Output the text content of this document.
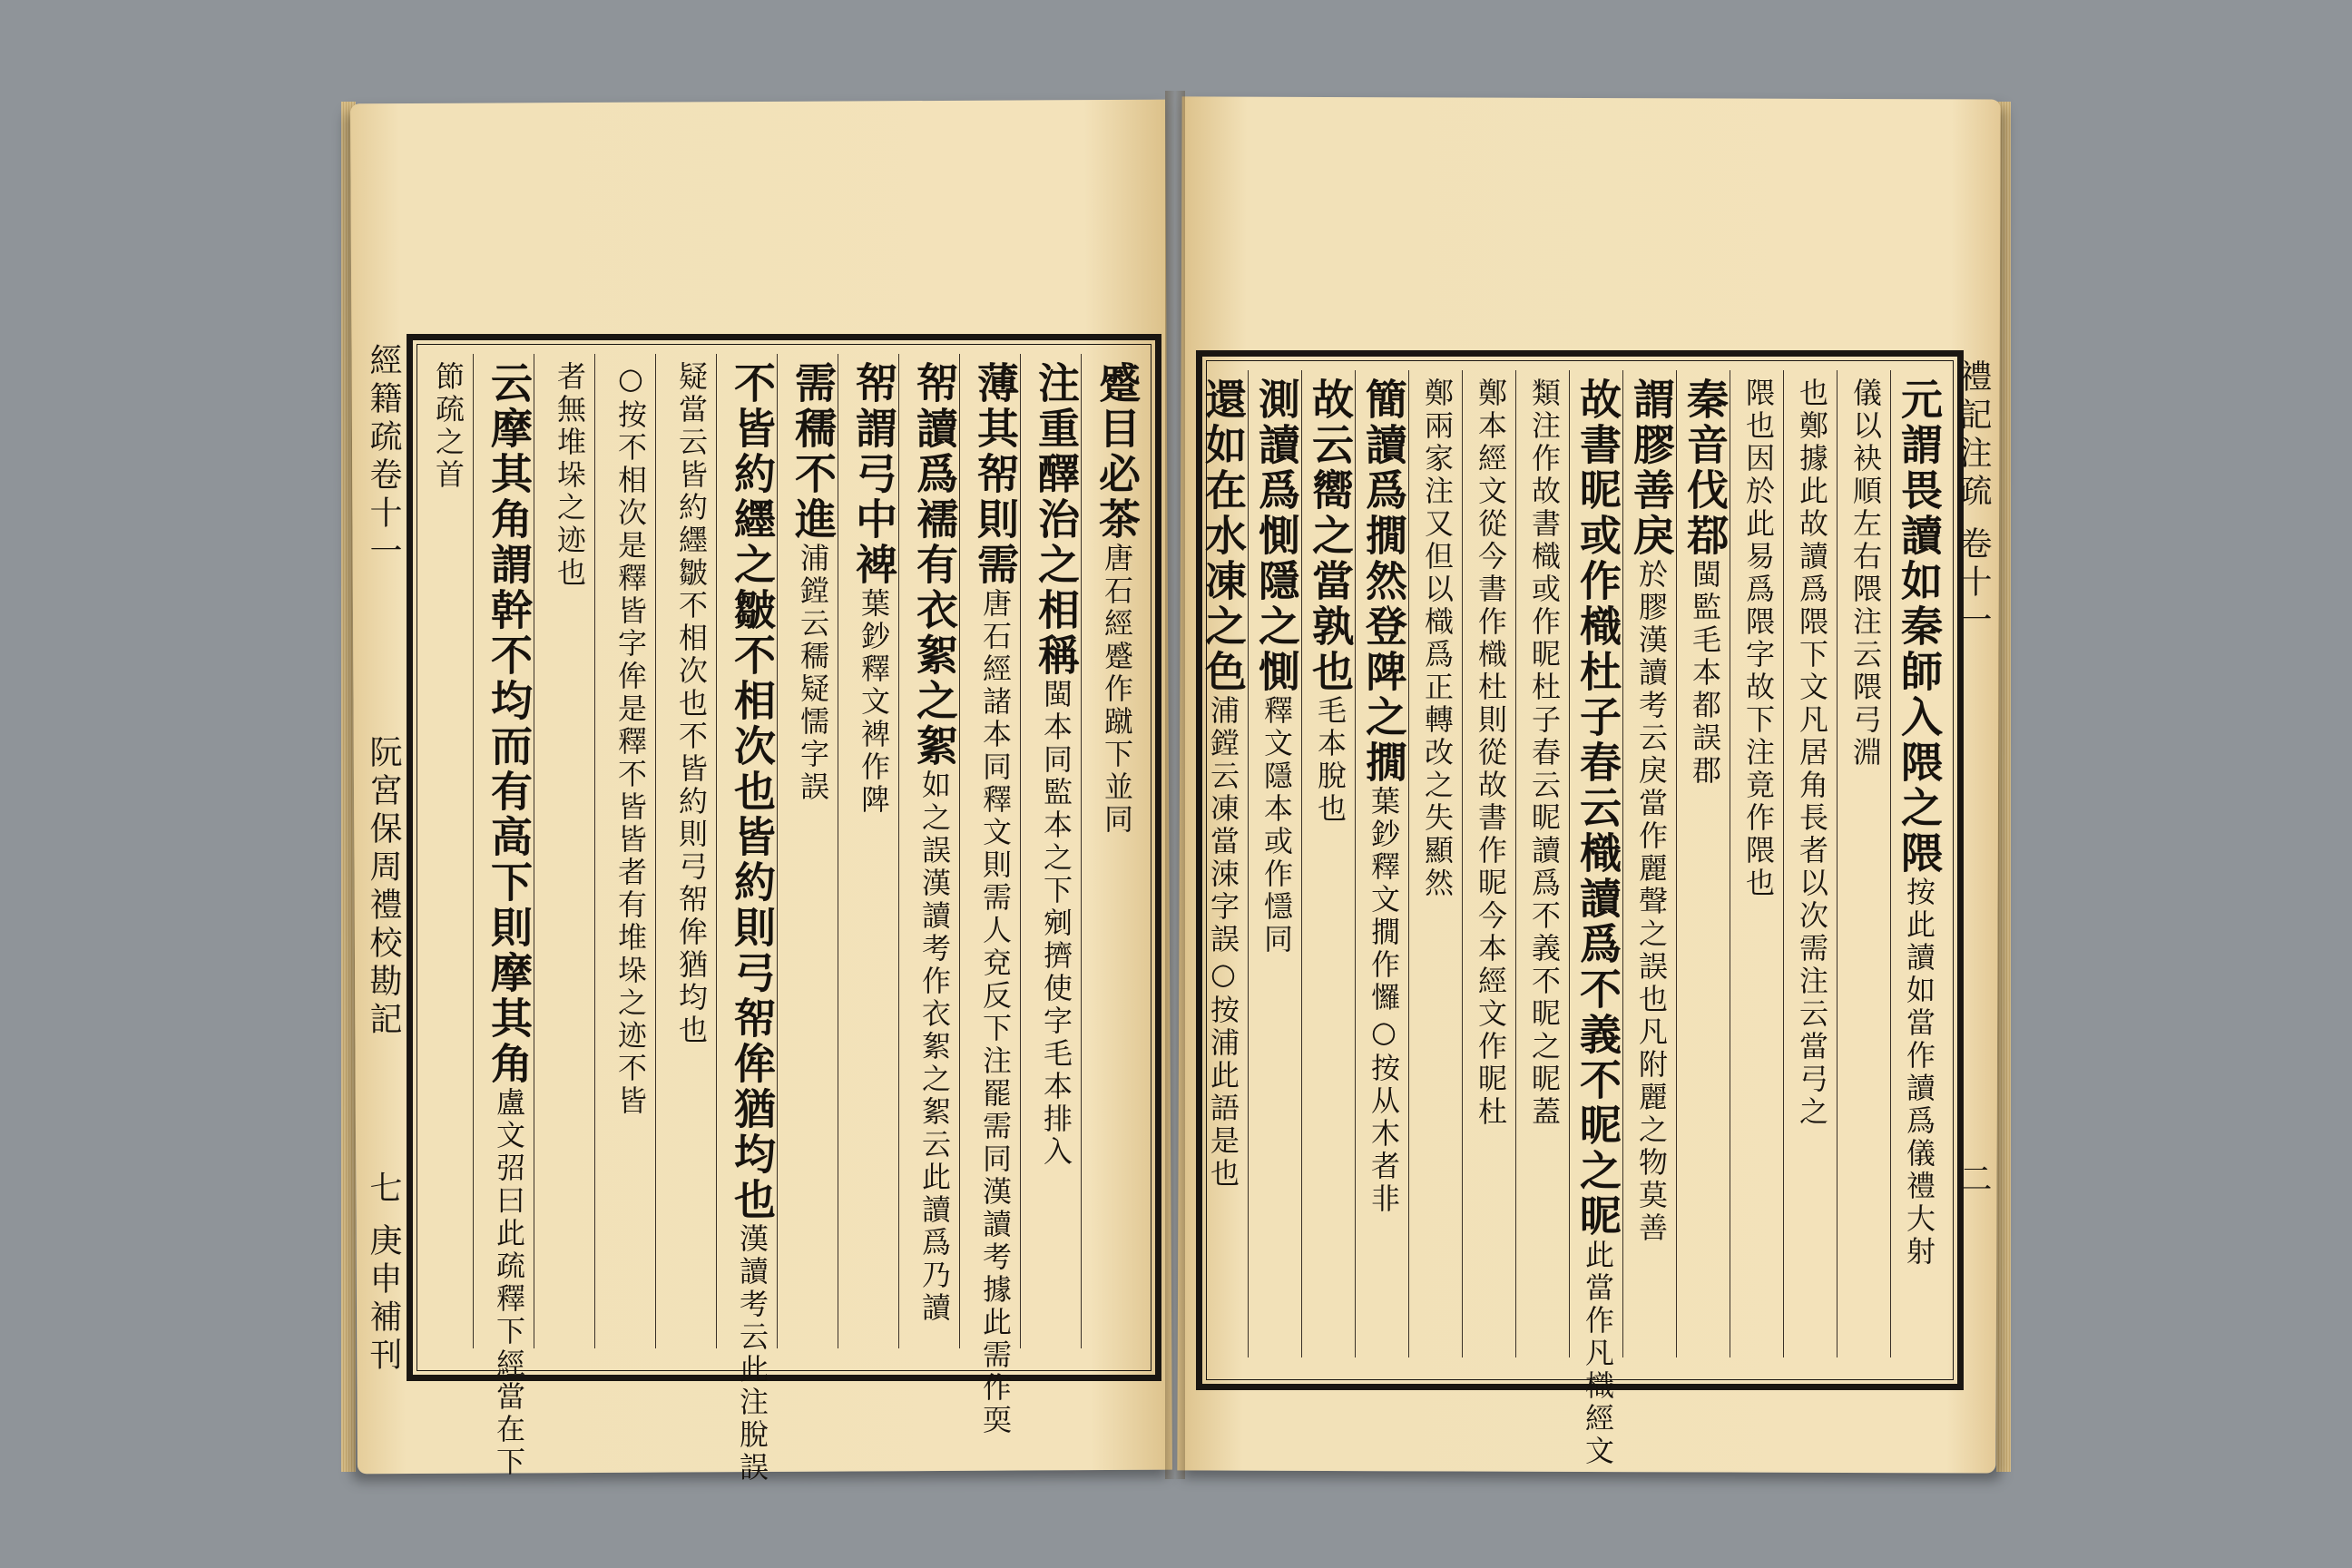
蹙目必茶唐石經蹙作蹴下並同
注重醳治之相稱閩本同監本之下剜擠使字毛本排入
薄其帤則需唐石經諸本同釋文則需人兗反下注罷需同漢讀考據此需作耎
帤讀爲襦有衣絮之絮如之誤漢讀考作衣絮之絮云此讀爲乃讀
帤謂弓中裨葉鈔釋文裨作陴
需穤不進浦鏜云穤疑懦字誤
不皆約纆之皺不相次也皆約則弓帤侔猶均也漢讀考云此注脫誤
疑當云皆約纆皺不相次也不皆約則弓帤侔猶均也
○按不相次是釋皆字侔是釋不皆皆者有堆垛之迹不皆
者無堆垛之迹也
云摩其角謂幹不均而有高下則摩其角盧文弨曰此疏釋下經當在下
節疏之首	元謂畏讀如秦師入隈之隈按此讀如當作讀爲儀禮大射
儀以袂順左右隈注云隈弓淵
也鄭據此故讀爲隈下文凡居角長者以次需注云當弓之
隈也因於此易爲隈字故下注竟作隈也
秦音伐鄀閩監毛本都誤郡
謂膠善戾於膠漢讀考云戾當作麗聲之誤也凡附麗之物莫善
故書昵或作樴杜子春云樴讀爲不義不昵之昵此當作凡樴經文
類注作故書樴或作昵杜子春云昵讀爲不義不昵之昵蓋
鄭本經文從今書作樴杜則從故書作昵今本經文作昵杜
鄭兩家注又但以樴爲正轉改之失顯然
簡讀爲撊然登陴之撊葉鈔釋文撊作㦬○按从木者非
故云嚮之當孰也毛本脫也
測讀爲惻隱之惻釋文隱本或作懚同
還如在水凍之色浦鏜云凍當涑字誤○按浦此語是也
經籍疏卷十一
阮宮保周禮校勘記
七
庚申補刊
禮記注疏
卷十一
二
